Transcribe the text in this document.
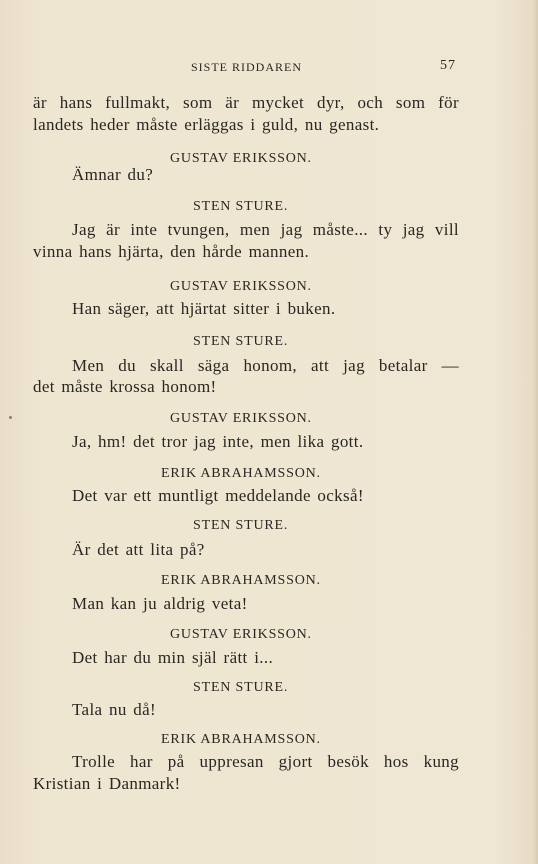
SISTE RIDDAREN	57
är hans fullmakt, som är mycket dyr, och som för
landets heder måste erläggas i guld, nu genast.
GUSTAV ERIKSSON.
Ämnar du?
STEN STURE.
Jag är inte tvungen, men jag måste... ty jag vill
vinna hans hjärta, den hårde mannen.
GUSTAV ERIKSSON.
Han säger, att hjärtat sitter i buken.
STEN STURE.
Men du skall säga honom, att jag betalar —
det måste krossa honom!
GUSTAV ERIKSSON.
Ja, hm! det tror jag inte, men lika gott.
ERIK ABRAHAMSSON.
Det var ett muntligt meddelande också!
STEN STURE.
Är det att lita på?
ERIK ABRAHAMSSON.
Man kan ju aldrig veta!
GUSTAV ERIKSSON.
Det har du min själ rätt i...
STEN STURE.
Tala nu då!
ERIK ABRAHAMSSON.
Trolle har på uppresan gjort besök hos kung
Kristian i Danmark!
